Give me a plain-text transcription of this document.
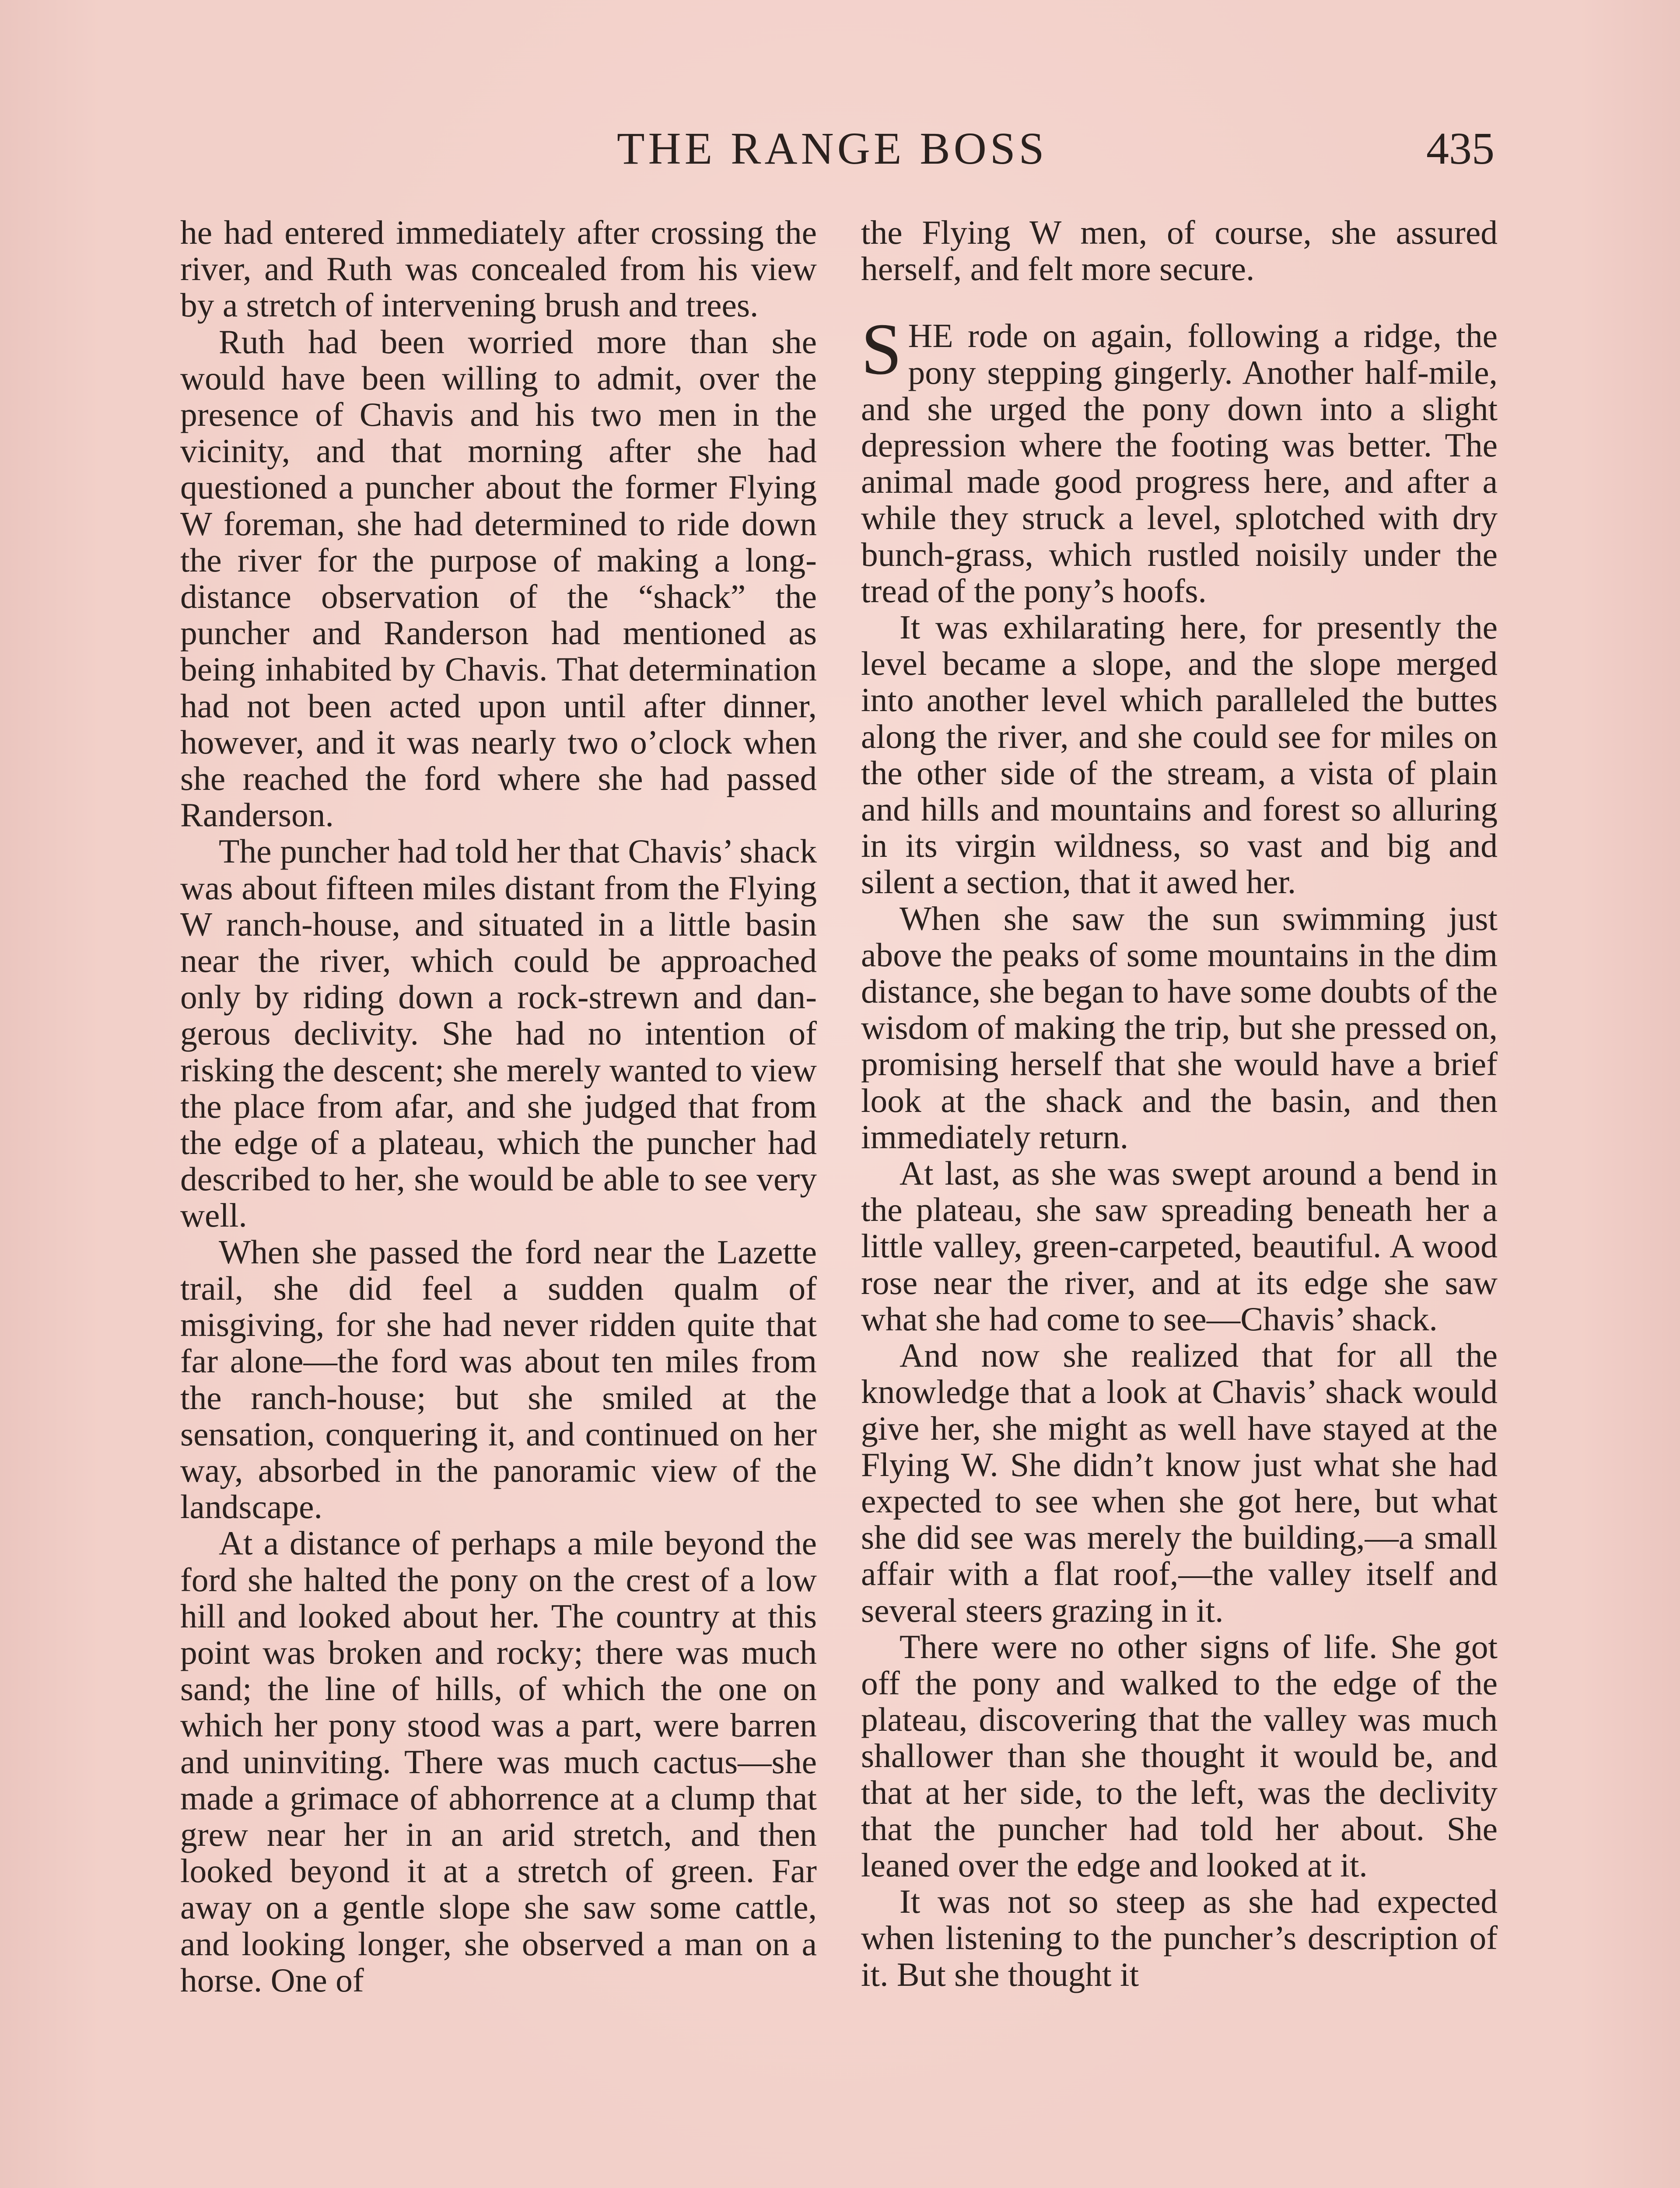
THE RANGE BOSS	435

he had entered immediately after crossing the river, and Ruth was concealed from his view by a stretch of intervening brush and trees.

Ruth had been worried more than she would have been willing to admit, over the presence of Chavis and his two men in the vicinity, and that morning after she had questioned a puncher about the former Flying W foreman, she had determined to ride down the river for the purpose of making a long-distance observation of the “shack” the puncher and Randerson had mentioned as being inhabited by Chavis. That determination had not been acted upon until after dinner, however, and it was nearly two o’clock when she reached the ford where she had passed Randerson.

The puncher had told her that Chavis’ shack was about fifteen miles distant from the Flying W ranch-house, and situated in a little basin near the river, which could be approached only by riding down a rock-strewn and dangerous declivity. She had no intention of risking the descent; she merely wanted to view the place from afar, and she judged that from the edge of a plateau, which the puncher had described to her, she would be able to see very well.

When she passed the ford near the Lazette trail, she did feel a sudden qualm of misgiving, for she had never ridden quite that far alone—the ford was about ten miles from the ranch-house; but she smiled at the sensation, conquering it, and continued on her way, absorbed in the panoramic view of the landscape.

At a distance of perhaps a mile beyond the ford she halted the pony on the crest of a low hill and looked about her. The country at this point was broken and rocky; there was much sand; the line of hills, of which the one on which her pony stood was a part, were barren and uninviting. There was much cactus—she made a grimace of abhorrence at a clump that grew near her in an arid stretch, and then looked beyond it at a stretch of green. Far away on a gentle slope she saw some cattle, and looking longer, she observed a man on a horse. One of

the Flying W men, of course, she assured herself, and felt more secure.

SHE rode on again, following a ridge, the pony stepping gingerly. Another half-mile, and she urged the pony down into a slight depression where the footing was better. The animal made good progress here, and after a while they struck a level, splotched with dry bunch-grass, which rustled noisily under the tread of the pony’s hoofs.

It was exhilarating here, for presently the level became a slope, and the slope merged into another level which paralleled the buttes along the river, and she could see for miles on the other side of the stream, a vista of plain and hills and mountains and forest so alluring in its virgin wildness, so vast and big and silent a section, that it awed her.

When she saw the sun swimming just above the peaks of some mountains in the dim distance, she began to have some doubts of the wisdom of making the trip, but she pressed on, promising herself that she would have a brief look at the shack and the basin, and then immediately return.

At last, as she was swept around a bend in the plateau, she saw spreading beneath her a little valley, green-carpeted, beautiful. A wood rose near the river, and at its edge she saw what she had come to see—Chavis’ shack.

And now she realized that for all the knowledge that a look at Chavis’ shack would give her, she might as well have stayed at the Flying W. She didn’t know just what she had expected to see when she got here, but what she did see was merely the building,—a small affair with a flat roof,—the valley itself and several steers grazing in it.

There were no other signs of life. She got off the pony and walked to the edge of the plateau, discovering that the valley was much shallower than she thought it would be, and that at her side, to the left, was the declivity that the puncher had told her about. She leaned over the edge and looked at it.

It was not so steep as she had expected when listening to the puncher’s description of it. But she thought it
